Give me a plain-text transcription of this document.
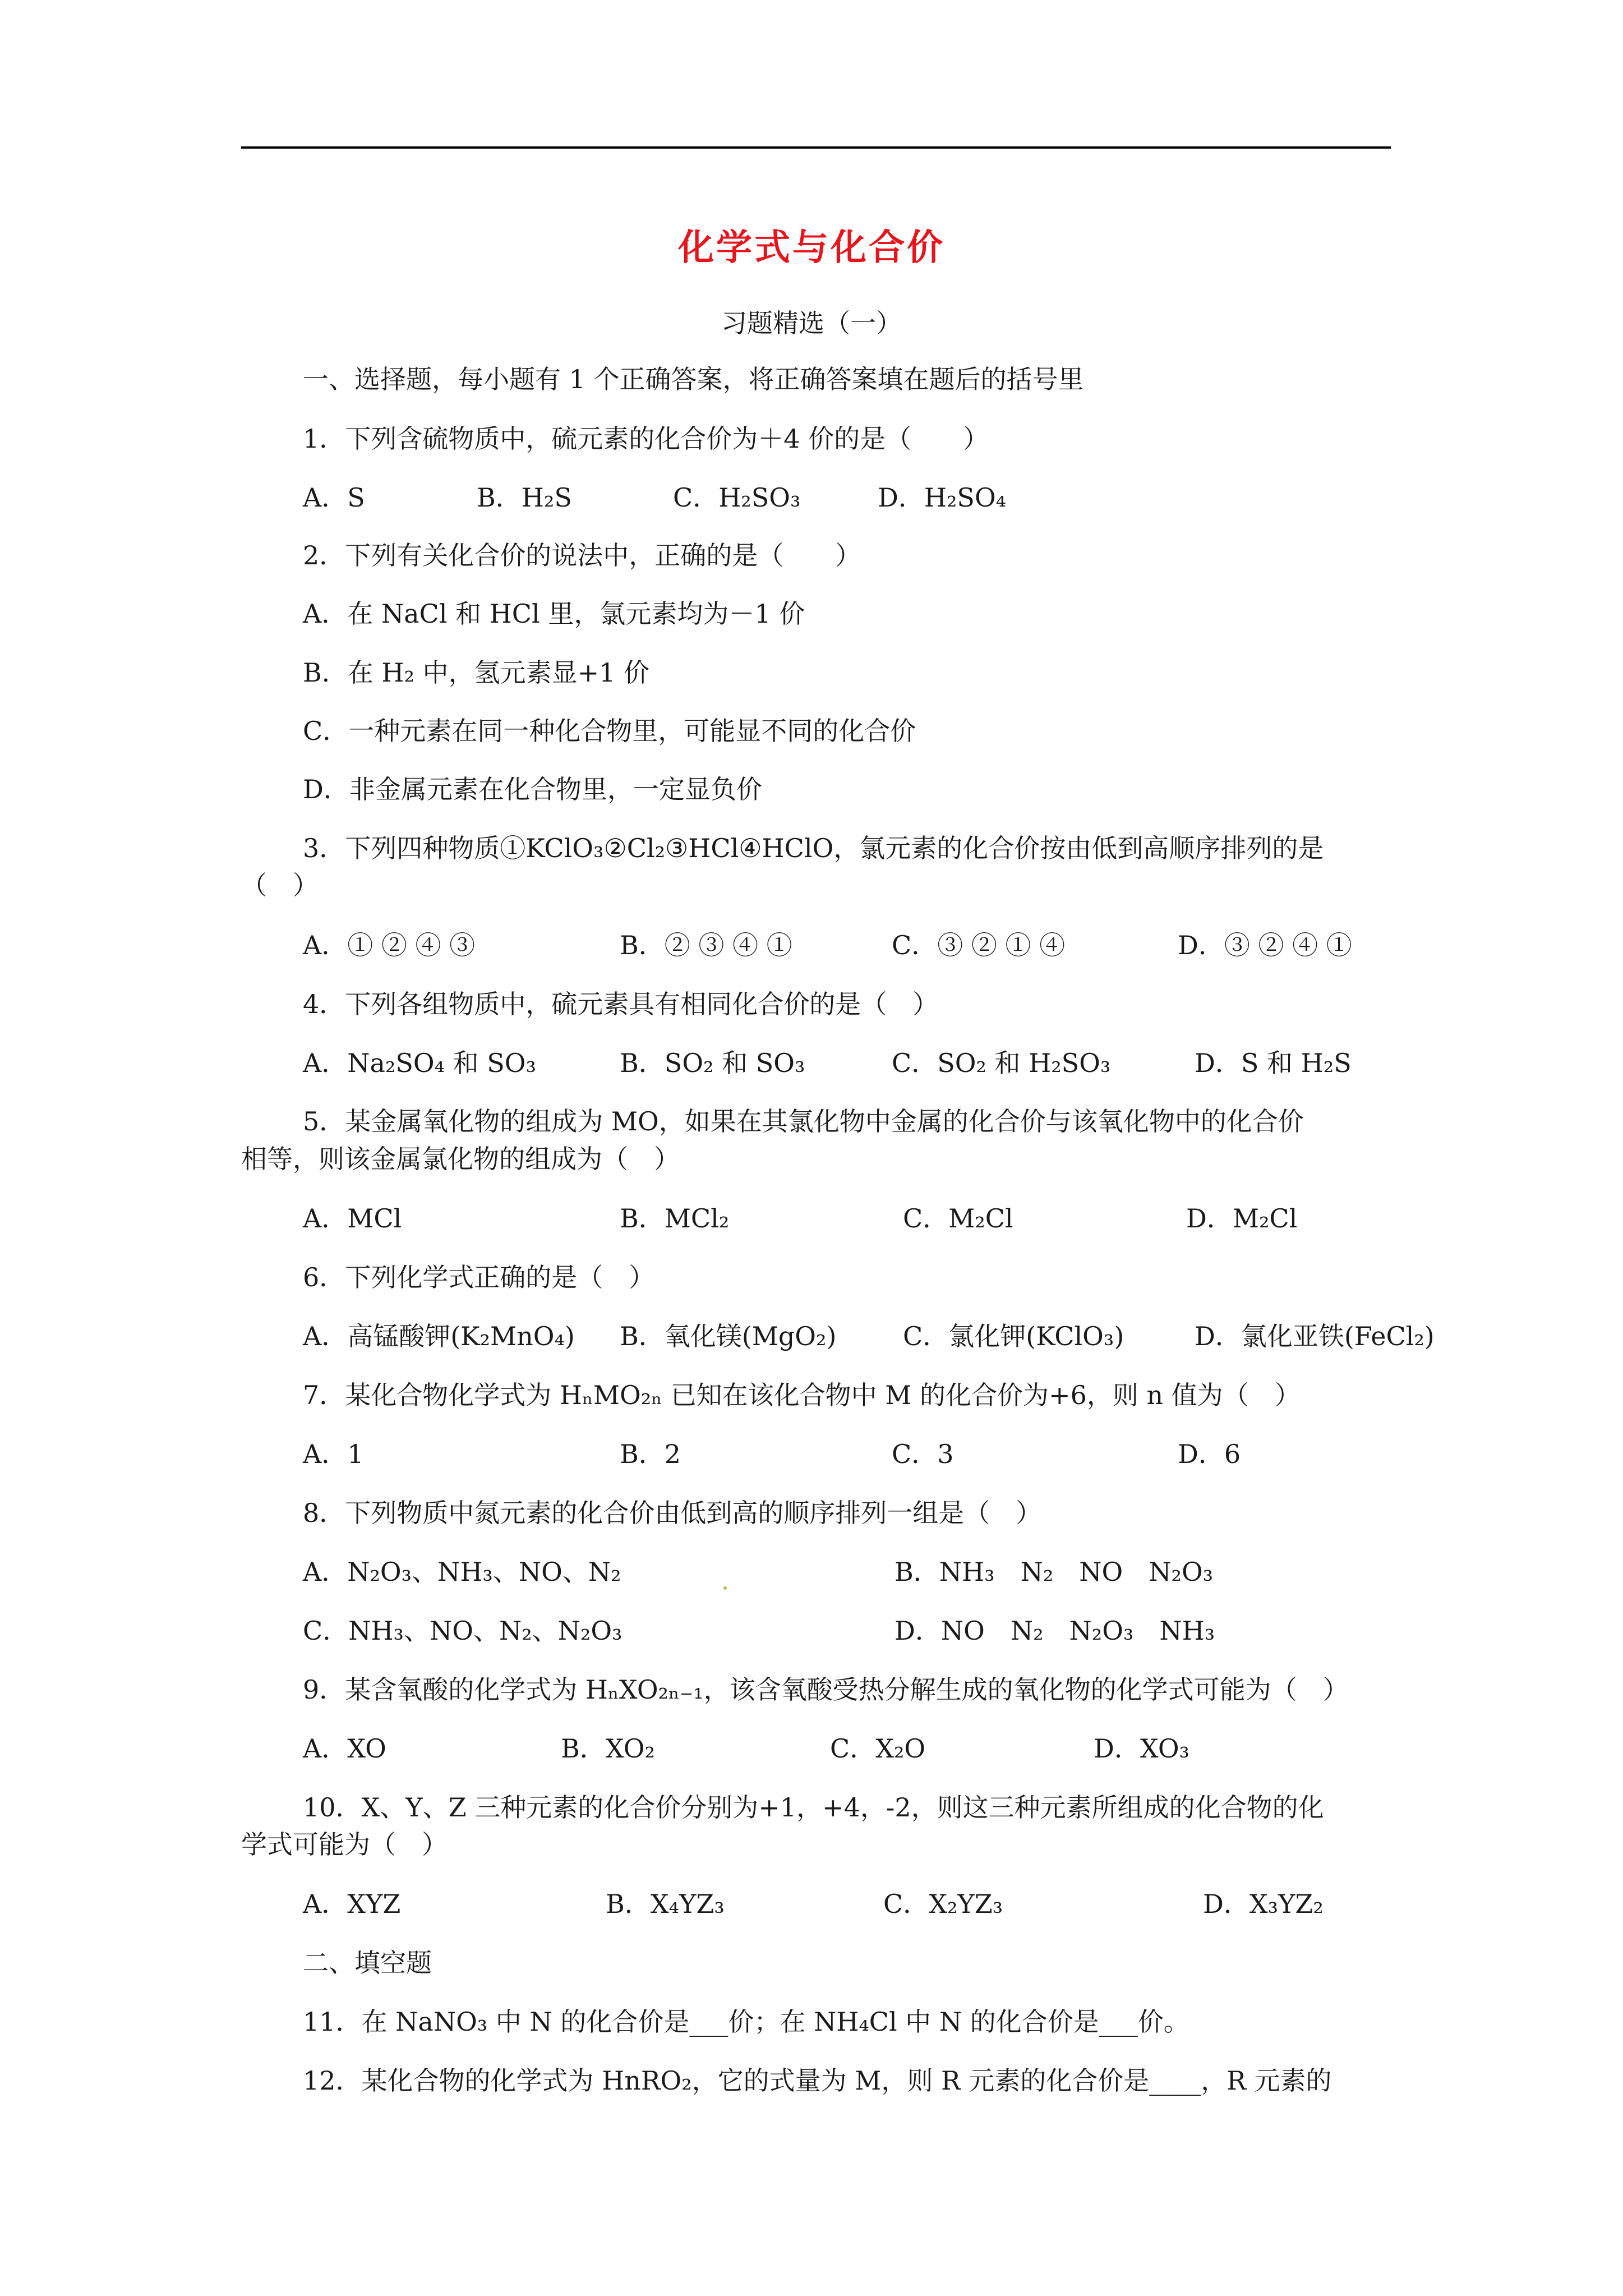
化学式与化合价
习题精选（一）
一、选择题，每小题有 1 个正确答案，将正确答案填在题后的括号里
1．下列含硫物质中，硫元素的化合价为＋4 价的是（　　）
A．S	B．H₂S	C．H₂SO₃	D．H₂SO₄
2．下列有关化合价的说法中，正确的是（　　）
A．在 NaCl 和 HCl 里，氯元素均为－1 价
B．在 H₂ 中，氢元素显+1 价
C．一种元素在同一种化合物里，可能显不同的化合价
D．非金属元素在化合物里，一定显负价
3．下列四种物质①KClO₃②Cl₂③HCl④HClO，氯元素的化合价按由低到高顺序排列的是
（　）
A．① ② ④ ③	B．② ③ ④ ①	C．③ ② ① ④	D．③ ② ④ ①
4．下列各组物质中，硫元素具有相同化合价的是（　）
A．Na₂SO₄ 和 SO₃	B．SO₂ 和 SO₃	C．SO₂ 和 H₂SO₃	D．S 和 H₂S
5．某金属氧化物的组成为 MO，如果在其氯化物中金属的化合价与该氧化物中的化合价
相等，则该金属氯化物的组成为（　）
A．MCl	B．MCl₂	C．M₂Cl	D．M₂Cl
6．下列化学式正确的是（　）
A．高锰酸钾(K₂MnO₄) B．氧化镁(MgO₂)	C．氯化钾(KClO₃)	D．氯化亚铁(FeCl₂)
7．某化合物化学式为 HₙMO₂ₙ 已知在该化合物中 M 的化合价为+6，则 n 值为（　）
A．1	B．2	C．3	D．6
8．下列物质中氮元素的化合价由低到高的顺序排列一组是（　）
A．N₂O₃、NH₃、NO、N₂	B．NH₃　N₂　NO　N₂O₃
C．NH₃、NO、N₂、N₂O₃	D．NO　N₂　N₂O₃　NH₃
9．某含氧酸的化学式为 HₙXO₂ₙ₋₁，该含氧酸受热分解生成的氧化物的化学式可能为（　）
A．XO	B．XO₂	C．X₂O	D．XO₃
10．X、Y、Z 三种元素的化合价分别为+1，+4，-2，则这三种元素所组成的化合物的化
学式可能为（　）
A．XYZ	B．X₄YZ₃	C．X₂YZ₃	D．X₃YZ₂
二、填空题
11．在 NaNO₃ 中 N 的化合价是___价；在 NH₄Cl 中 N 的化合价是___价。
12．某化合物的化学式为 HnRO₂，它的式量为 M，则 R 元素的化合价是____，R 元素的
